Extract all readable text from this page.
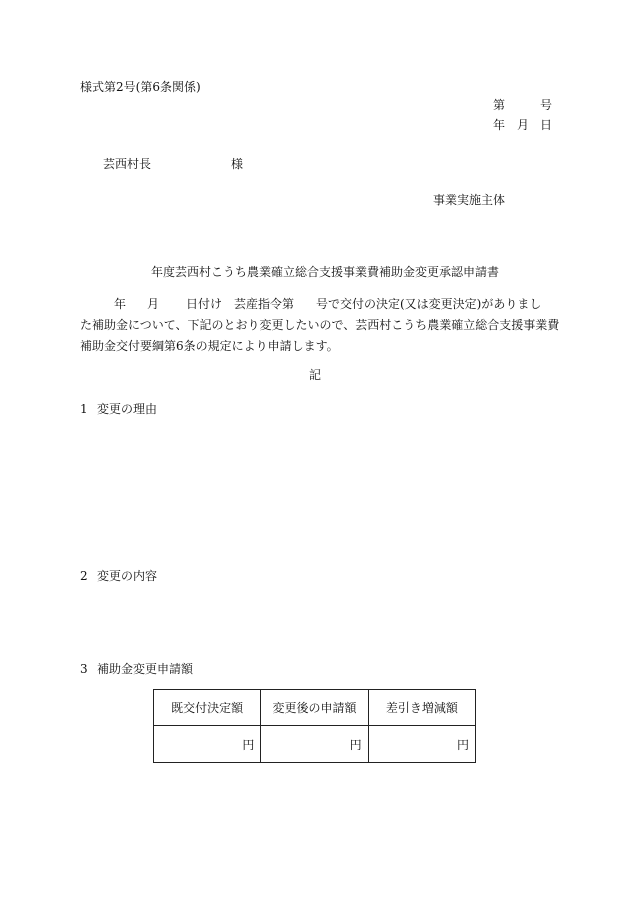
様式第2号(第6条関係)
第	号
年 月 日
芸西村長	様
事業実施主体
年度芸西村こうち農業確立総合支援事業費補助金変更承認申請書
年 月 日付け 芸産指令第 号で交付の決定(又は変更決定)がありまし
た補助金について、下記のとおり変更したいので、芸西村こうち農業確立総合支援事業費
補助金交付要綱第6条の規定により申請します。
記
1 変更の理由
2 変更の内容
3 補助金変更申請額
既交付決定額	変更後の申請額	差引き増減額
円	円	円
